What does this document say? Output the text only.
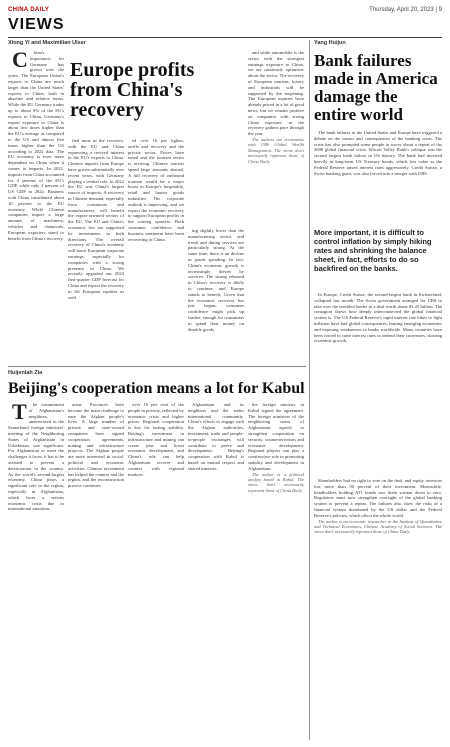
CHINA DAILY	Thursday, April 20, 2023 | 9
VIEWS
Xiong Yi and Maximilian Ulser

C hina's importance for Germany has grown over the years. The European Union's exports to China are much larger than the United States' exports to China, both in absolute and relative terms. While the EU Germany trades up to about 6% of the EU's exports to China, Germany's export exposure to China is about two times higher than the EU's average as compared to the US and almost five times higher than the US according to 2022 data. The EU economy is even more dependent on China when it comes to imports. In 2022, imports from China accounted for 4 percent of the EU's GDP, while only 2 percent of US GDP in 2022. Business with China contributed about 10 percent to the EU economy. While Chinese companies import a large amount of machinery, vehicles and chemicals, European exporters stand to benefit from China's recovery.

Europe profits from China's recovery

fied most in the recovery, with the EU and China expressing a revived interest in the EU's exports to China. Chinese imports from Europe have grown substantially over recent years, with Germany playing a central role. In 2022 the EU was China's largest source of imports. A recovery in Chinese demand, especially from consumers and manufacturers, will benefit the export-oriented sectors of the EU. The EU and China's economic ties are supported by investments in both directions. The overall recovery of China's economy will boost European corporate earnings, especially for companies with a strong presence in China. We recently upgraded our 2023 first-quarter GDP forecast for China and expect the recovery to lift European equities as well.

ed over 16 per tighter, tariffs and recovery and the private sector. Prices have eased and the tourism sector is reviving. Chinese tourists spend large amounts abroad. A full recovery of outbound tourism would be a major boost to Europe's hospitality, retail and luxury goods industries. The corporate outlook is improving, and we expect the economic recovery to support European profits in the coming quarters. Both consumer confidence and business sentiment have been recovering in China.

ing slightly lower than the manufacturing sector, and travel and dining services are particularly strong. At the same time, there is an decline in goods spending. In fact, China's economic growth is increasingly driven by services. The strong rebound in China's recovery is likely to continue, and Europe stands to benefit. Given that the economic recovery has just begun, consumer confidence might pick up further, enough for consumers to spend their money on durable goods.

and while automobile is the sector with the strongest earnings exposure to China, we are cautiously optimistic about the sector. The recovery of European tourism, luxury and industrials will be supported by the reopening. The European equities have already priced in a lot of good news, but we remain positive on companies with strong China exposure, as the recovery gathers pace through the year.

The authors are economists with UBS Global Wealth Management. The views don't necessarily represent those of China Daily.

Yang Huijun
Bank failures made in America damage the entire world

The bank failures in the United States and Europe have triggered a debate on the causes and consequences of the banking crisis. The crisis has also prompted some people to worry about a repeat of the 2008 global financial crisis. Silicon Valley Bank's collapse was the second largest bank failure in US history. The bank had invested heavily in long-term US Treasury bonds, which lost value as the Federal Reserve raised interest rates aggressively. Credit Suisse, a Swiss banking giant, was also forced into a merger with UBS.

More important, it is difficult to control inflation by simply hiking rates and shrinking the balance sheet, in fact, efforts to do so backfired on the banks.

In Europe, Credit Suisse, the second-largest bank in Switzerland, collapsed last month. The Swiss government arranged for UBS to take over the troubled lender in a deal worth about $3.25 billion. The contagion shows how deeply interconnected the global financial system is. The US Federal Reserve's rapid interest rate hikes to fight inflation have had global consequences, hurting emerging economies and exposing weaknesses in banks worldwide. Many countries have been forced to raise interest rates to defend their currencies, slowing economic growth.

Shareholders had no right to vote on the deal, and equity investors lost more than 90 percent of their investment. Meanwhile, bondholders holding AT1 bonds saw them written down to zero. Regulators must now strengthen oversight of the global banking system to prevent a repeat. The failures also show the risks of a financial system dominated by the US dollar and the Federal Reserve's policies, which affect the whole world.

The author is an economic researcher at the Institute of Quantitative and Technical Economics, Chinese Academy of Social Sciences. The views don't necessarily represent those of China Daily.

Huijenlah Zia
Beijing's cooperation means a lot for Kabul

T he commitment of Afghanistan's neighbors, underscored in the Samarkand foreign ministers' meeting of the Neighboring States of Afghanistan in Uzbekistan, was significant. For Afghanistan to meet the challenges it faces, it has to be assisted to prevent a deterioration in the country. As the world's second-largest economy, China plays a significant role in the region, especially in Afghanistan, which faces a serious economic crisis due to international sanctions.

areas. Provinces have become the main challenge to ease the Afghan people's lives. A large number of private and state-owned companies have signed cooperation agreements, mining and infrastructure projects. The Afghan people are more interested in social, political and economic activities. Chinese investment has helped the country and the region, and the reconstruction process continues.

over 16 per cent of the people in poverty, reflected by economic crisis and higher prices. Regional cooperation is key for lasting stability. Beijing's investment in infrastructure and mining can create jobs and boost economic development, and China's role can help Afghanistan recover and connect with regional markets.

Afghanistan and its neighbors and the wider international community. China's efforts to engage with the Afghan authorities, investment, trade and people-to-people exchanges will contribute to peace and development. Beijing's cooperation with Kabul is based on mutual respect and shared interests.

the foreign ministry in Kabul signed the agreement. The foreign ministers of the neighboring states of Afghanistan agreed to strengthen cooperation on security, counterterrorism and economic development. Regional players can play a constructive role in promoting stability and development in Afghanistan.

The author is a political analyst based in Kabul. The views don't necessarily represent those of China Daily.
